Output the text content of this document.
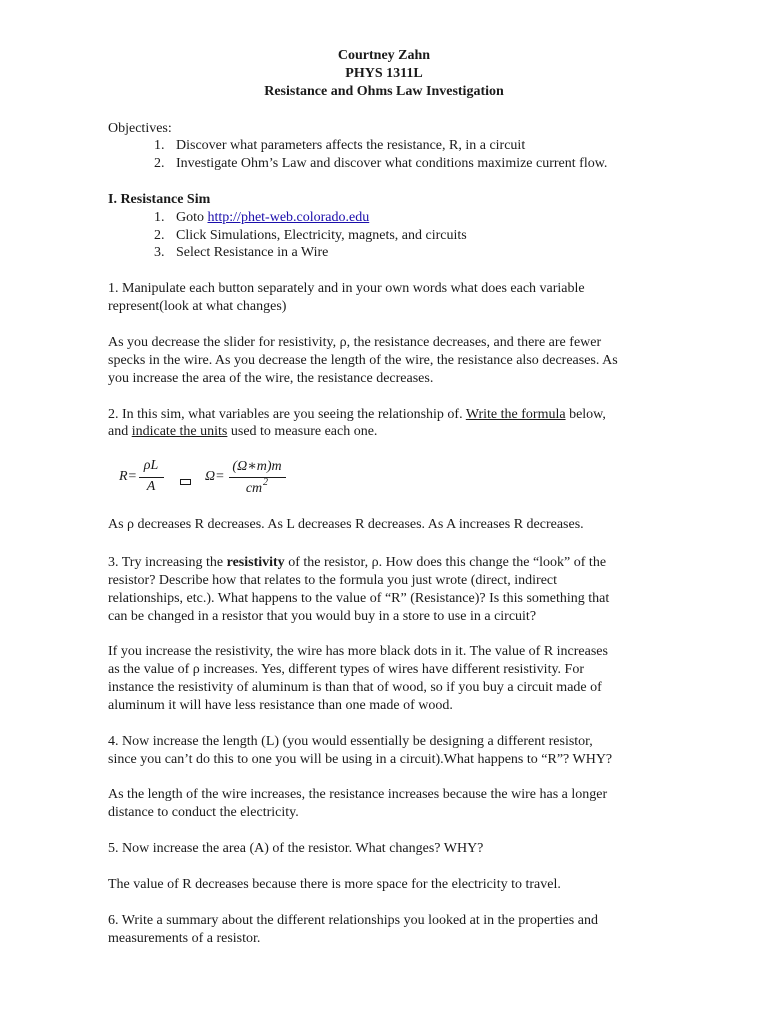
Courtney Zahn
PHYS 1311L
Resistance and Ohms Law Investigation
Objectives:
1. Discover what parameters affects the resistance, R, in a circuit
2. Investigate Ohm’s Law and discover what conditions maximize current flow.
I. Resistance Sim
1. Goto http://phet-web.colorado.edu
2. Click Simulations, Electricity, magnets, and circuits
3. Select Resistance in a Wire
1. Manipulate each button separately and in your own words what does each variable
represent(look at what changes)
As you decrease the slider for resistivity, ρ, the resistance decreases, and there are fewer
specks in the wire. As you decrease the length of the wire, the resistance also decreases. As
you increase the area of the wire, the resistance decreases.
2. In this sim, what variables are you seeing the relationship of. Write the formula below,
and indicate the units used to measure each one.
R=
ρL
A
Ω=
(Ω∗m)m
cm 2
As ρ decreases R decreases. As L decreases R decreases. As A increases R decreases.
3. Try increasing the resistivity of the resistor, ρ. How does this change the “look” of the
resistor? Describe how that relates to the formula you just wrote (direct, indirect
relationships, etc.). What happens to the value of “R” (Resistance)? Is this something that
can be changed in a resistor that you would buy in a store to use in a circuit?
If you increase the resistivity, the wire has more black dots in it. The value of R increases
as the value of ρ increases. Yes, different types of wires have different resistivity. For
instance the resistivity of aluminum is than that of wood, so if you buy a circuit made of
aluminum it will have less resistance than one made of wood.
4. Now increase the length (L) (you would essentially be designing a different resistor,
since you can’t do this to one you will be using in a circuit).What happens to “R”? WHY?
As the length of the wire increases, the resistance increases because the wire has a longer
distance to conduct the electricity.
5. Now increase the area (A) of the resistor. What changes? WHY?
The value of R decreases because there is more space for the electricity to travel.
6. Write a summary about the different relationships you looked at in the properties and
measurements of a resistor.
